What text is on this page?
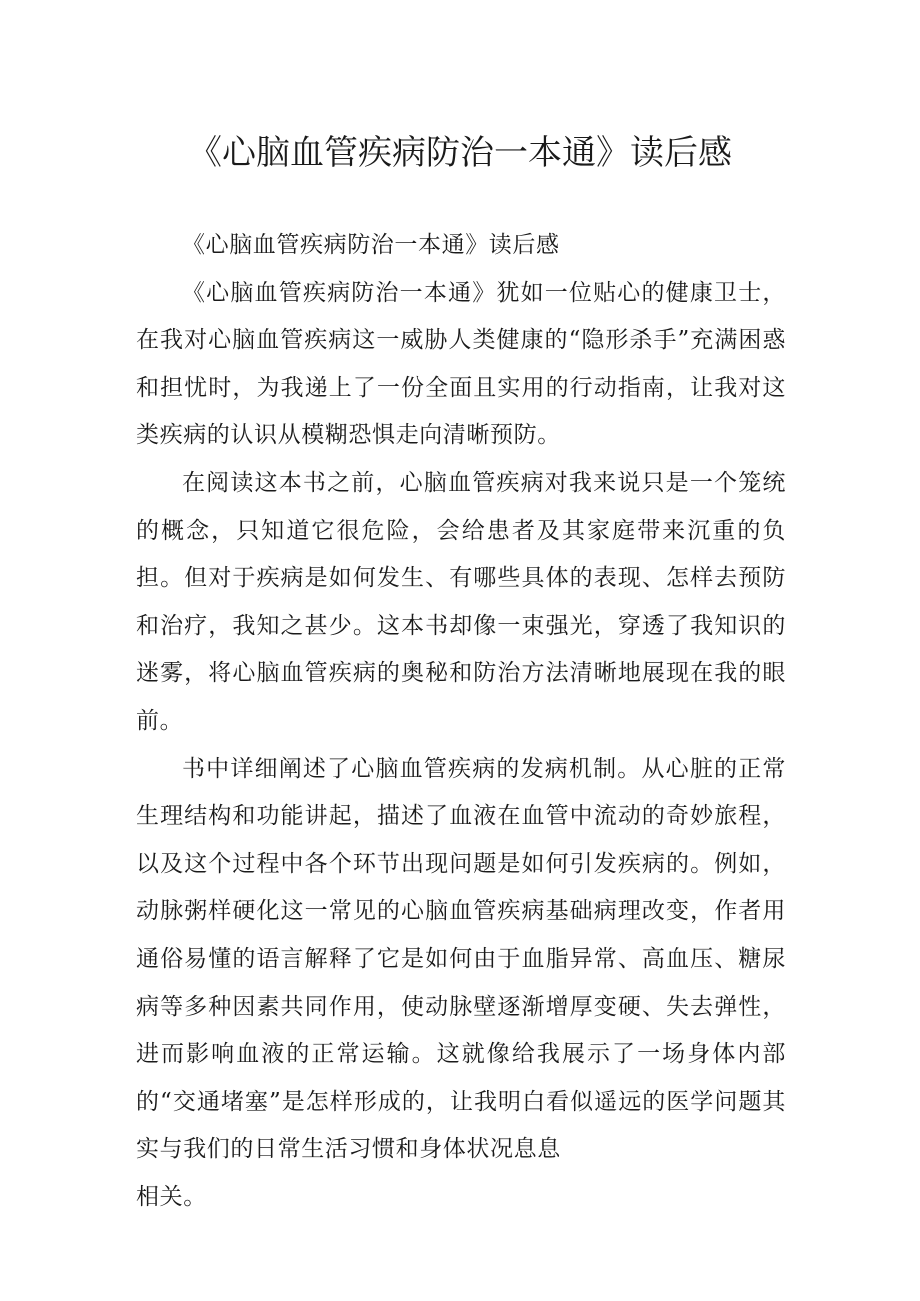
《心脑血管疾病防治一本通》读后感

《心脑血管疾病防治一本通》读后感

《心脑血管疾病防治一本通》犹如一位贴心的健康卫士，在我对心脑血管疾病这一威胁人类健康的“隐形杀手”充满困惑和担忧时，为我递上了一份全面且实用的行动指南，让我对这类疾病的认识从模糊恐惧走向清晰预防。

在阅读这本书之前，心脑血管疾病对我来说只是一个笼统的概念，只知道它很危险，会给患者及其家庭带来沉重的负担。但对于疾病是如何发生、有哪些具体的表现、怎样去预防和治疗，我知之甚少。这本书却像一束强光，穿透了我知识的迷雾，将心脑血管疾病的奥秘和防治方法清晰地展现在我的眼前。

书中详细阐述了心脑血管疾病的发病机制。从心脏的正常生理结构和功能讲起，描述了血液在血管中流动的奇妙旅程，以及这个过程中各个环节出现问题是如何引发疾病的。例如，动脉粥样硬化这一常见的心脑血管疾病基础病理改变，作者用通俗易懂的语言解释了它是如何由于血脂异常、高血压、糖尿病等多种因素共同作用，使动脉壁逐渐增厚变硬、失去弹性，进而影响血液的正常运输。这就像给我展示了一场身体内部的“交通堵塞”是怎样形成的，让我明白看似遥远的医学问题其实与我们的日常生活习惯和身体状况息息

相关。
